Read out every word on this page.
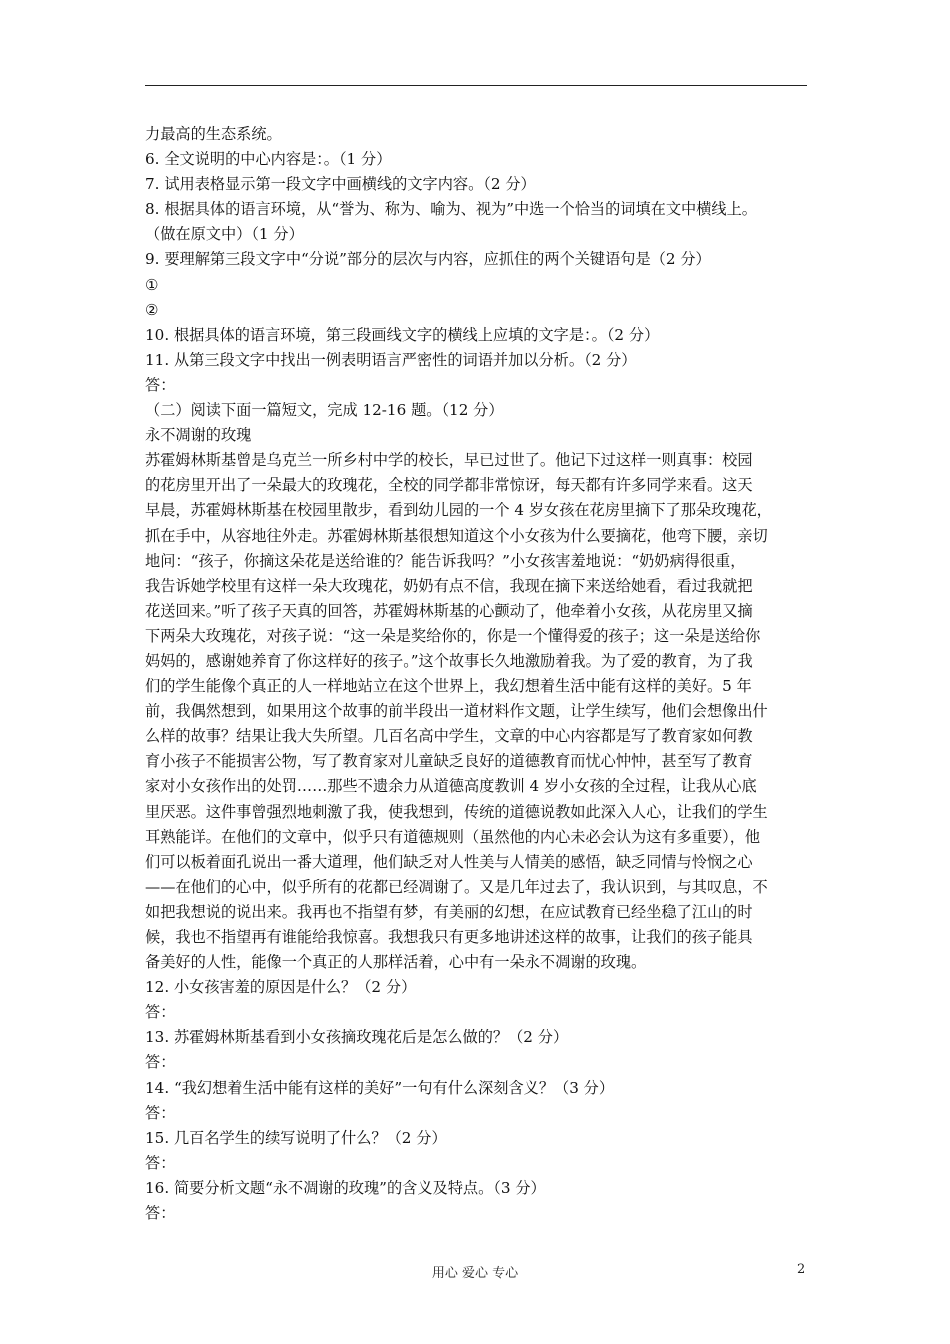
力最高的生态系统。
6. 全文说明的中心内容是：。（1 分）
7. 试用表格显示第一段文字中画横线的文字内容。（2 分）
8. 根据具体的语言环境，从“誉为、称为、喻为、视为”中选一个恰当的词填在文中横线上。
（做在原文中）（1 分）
9. 要理解第三段文字中“分说”部分的层次与内容，应抓住的两个关键语句是（2 分）
①
②
10. 根据具体的语言环境，第三段画线文字的横线上应填的文字是：。（2 分）
11. 从第三段文字中找出一例表明语言严密性的词语并加以分析。（2 分）
答：
（二）阅读下面一篇短文，完成 12-16 题。（12 分）
永不凋谢的玫瑰
苏霍姆林斯基曾是乌克兰一所乡村中学的校长，早已过世了。他记下过这样一则真事：校园
的花房里开出了一朵最大的玫瑰花，全校的同学都非常惊讶，每天都有许多同学来看。这天
早晨，苏霍姆林斯基在校园里散步，看到幼儿园的一个 4 岁女孩在花房里摘下了那朵玫瑰花，
抓在手中，从容地往外走。苏霍姆林斯基很想知道这个小女孩为什么要摘花，他弯下腰，亲切
地问：“孩子，你摘这朵花是送给谁的？能告诉我吗？”小女孩害羞地说：“奶奶病得很重，
我告诉她学校里有这样一朵大玫瑰花，奶奶有点不信，我现在摘下来送给她看，看过我就把
花送回来。”听了孩子天真的回答，苏霍姆林斯基的心颤动了，他牵着小女孩，从花房里又摘
下两朵大玫瑰花，对孩子说：“这一朵是奖给你的，你是一个懂得爱的孩子；这一朵是送给你
妈妈的，感谢她养育了你这样好的孩子。”这个故事长久地激励着我。为了爱的教育，为了我
们的学生能像个真正的人一样地站立在这个世界上，我幻想着生活中能有这样的美好。5 年
前，我偶然想到，如果用这个故事的前半段出一道材料作文题，让学生续写，他们会想像出什
么样的故事？结果让我大失所望。几百名高中学生，文章的中心内容都是写了教育家如何教
育小孩子不能损害公物，写了教育家对儿童缺乏良好的道德教育而忧心忡忡，甚至写了教育
家对小女孩作出的处罚……那些不遗余力从道德高度教训 4 岁小女孩的全过程，让我从心底
里厌恶。这件事曾强烈地刺激了我，使我想到，传统的道德说教如此深入人心，让我们的学生
耳熟能详。在他们的文章中，似乎只有道德规则（虽然他的内心未必会认为这有多重要），他
们可以板着面孔说出一番大道理，他们缺乏对人性美与人情美的感悟，缺乏同情与怜悯之心
——在他们的心中，似乎所有的花都已经凋谢了。又是几年过去了，我认识到，与其叹息，不
如把我想说的说出来。我再也不指望有梦，有美丽的幻想，在应试教育已经坐稳了江山的时
候，我也不指望再有谁能给我惊喜。我想我只有更多地讲述这样的故事，让我们的孩子能具
备美好的人性，能像一个真正的人那样活着，心中有一朵永不凋谢的玫瑰。
12. 小女孩害羞的原因是什么？（2 分）
答：
13. 苏霍姆林斯基看到小女孩摘玫瑰花后是怎么做的？（2 分）
答：
14. “我幻想着生活中能有这样的美好”一句有什么深刻含义？（3 分）
答：
15. 几百名学生的续写说明了什么？（2 分）
答：
16. 简要分析文题“永不凋谢的玫瑰”的含义及特点。（3 分）
答：
用心 爱心 专心	2
